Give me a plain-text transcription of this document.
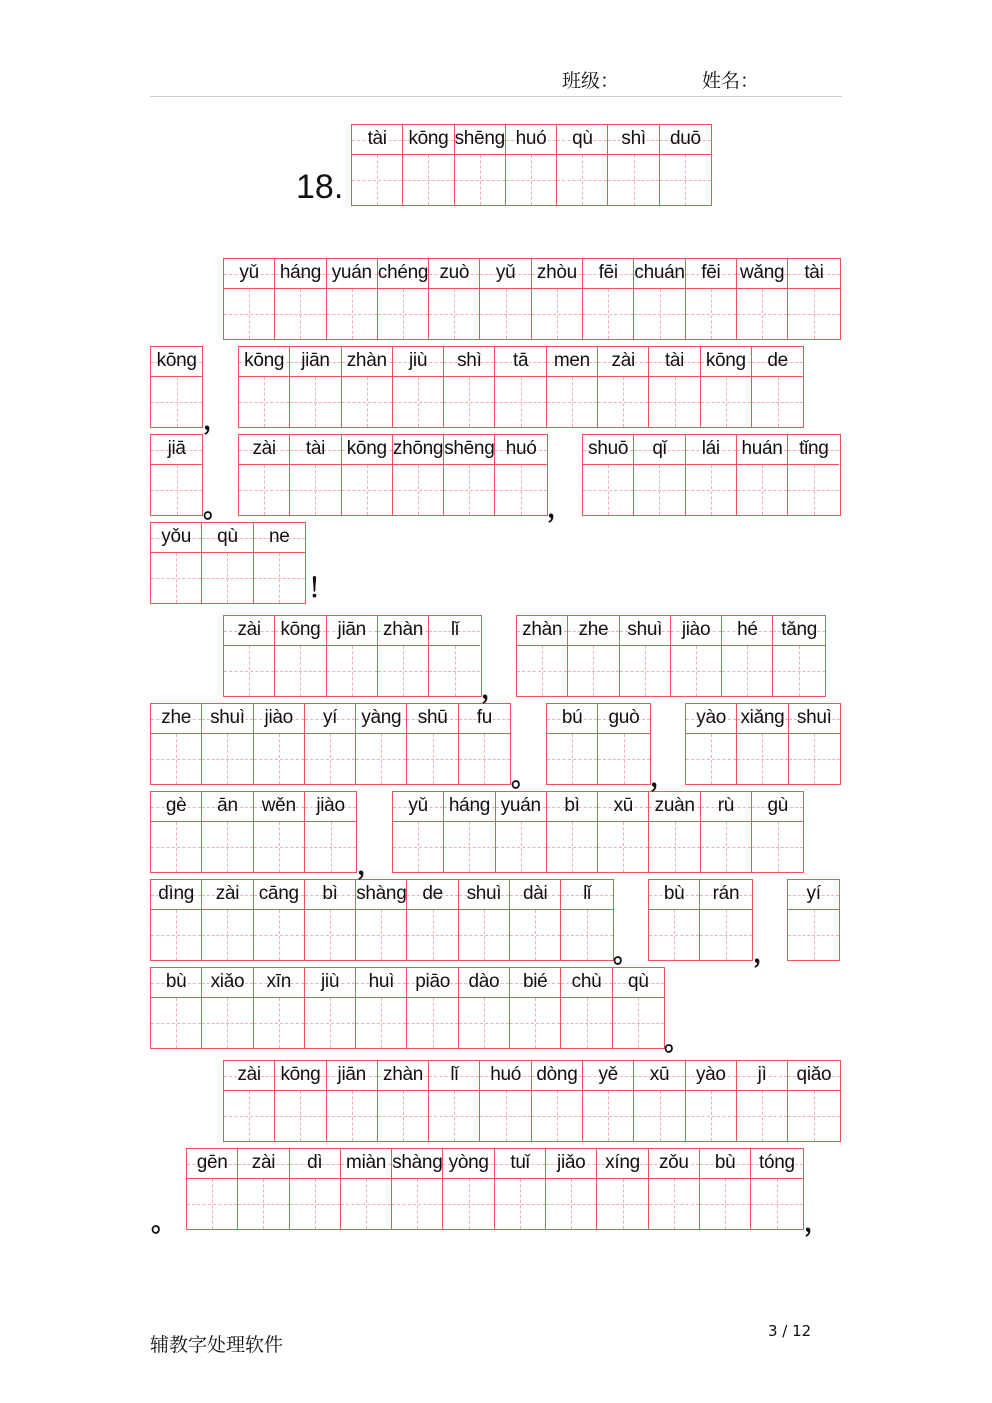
班级：	姓名：
18.
tài	kōng shēng huó	qù	shì	duō
yǔ	háng yuán chéng zuò	yǔ	zhòu	fēi chuán fēi	wǎng	tài
kōng kōng jiān zhàn	jiù	shì	tā	men	zài	tài	kōng	de
jiā	zài	tài	kōng zhōng shēng huó	shuō	qǐ	lái	huán tǐng
yǒu	qù	ne
zài	kōng jiān zhàn	lǐ	zhàn zhe	shuì	jiào	hé	tǎng
zhe	shuì	jiào	yí	yàng shū	fu	bú	guò	yào xiǎng shuì
gè	ān	wěn	jiào	yǔ	háng yuán	bì	xū	zuàn	rù	gù
dìng	zài	cāng	bì shàng de	shuì	dài	lǐ	bù	rán	yí
bù	xiǎo	xīn	jiù	huì	piāo dào	bié	chù	qù
zài	kōng jiān zhàn	lǐ	huó dòng	yě	xū	yào	jì	qiǎo
gēn	zài	dì	miàn shàng yòng	tuǐ	jiǎo	xíng	zǒu	bù	tóng
，
。	，
！
，
。	，
，
。	，
。
。	，
辅教字处理软件
3 / 12
